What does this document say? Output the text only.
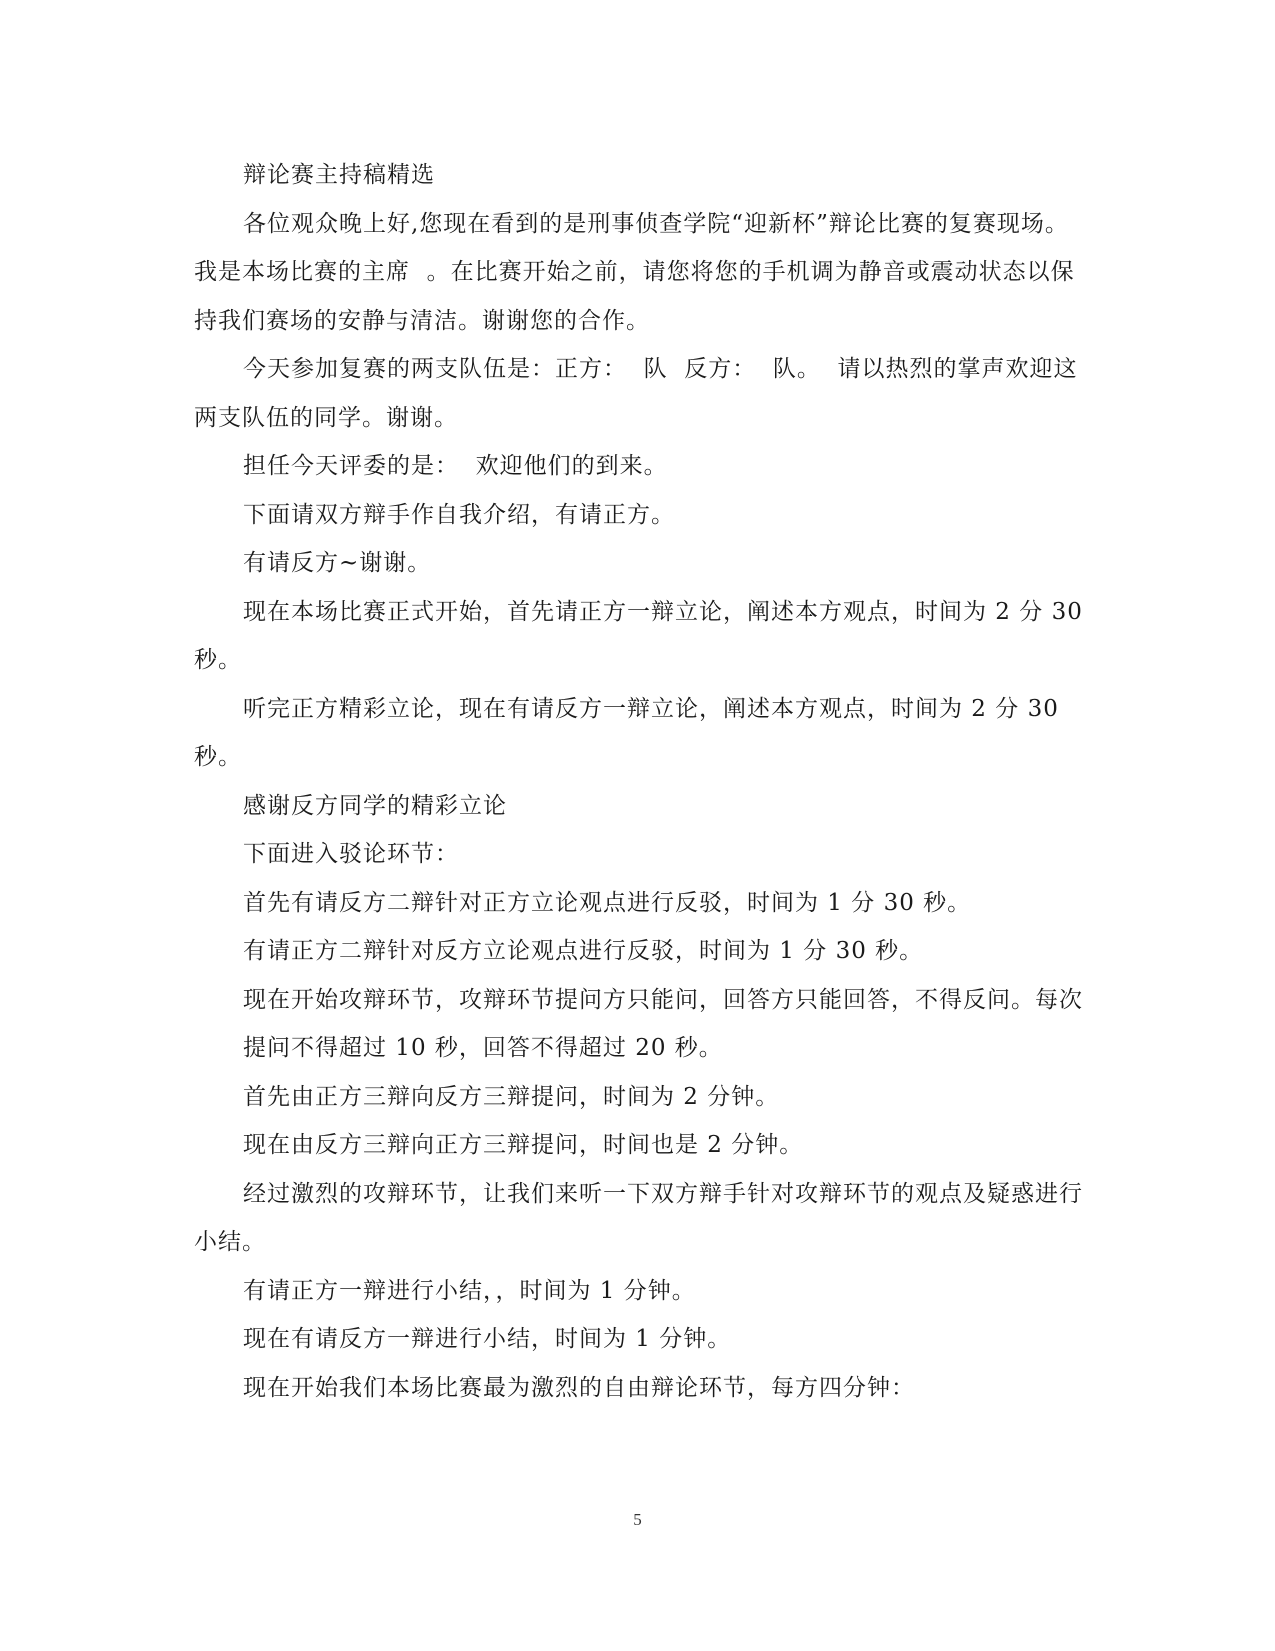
辩论赛主持稿精选

各位观众晚上好,您现在看到的是刑事侦查学院“迎新杯”辩论比赛的复赛现场。我是本场比赛的主席  。在比赛开始之前，请您将您的手机调为静音或震动状态以保持我们赛场的安静与清洁。谢谢您的合作。

今天参加复赛的两支队伍是：正方：  队  反方：  队。  请以热烈的掌声欢迎这两支队伍的同学。谢谢。

担任今天评委的是：  欢迎他们的到来。

下面请双方辩手作自我介绍，有请正方。

有请反方~谢谢。

现在本场比赛正式开始，首先请正方一辩立论，阐述本方观点，时间为 2 分 30 秒。

听完正方精彩立论，现在有请反方一辩立论，阐述本方观点，时间为 2 分 30 秒。

感谢反方同学的精彩立论

下面进入驳论环节：

首先有请反方二辩针对正方立论观点进行反驳，时间为 1 分 30 秒。

有请正方二辩针对反方立论观点进行反驳，时间为 1 分 30 秒。

现在开始攻辩环节，攻辩环节提问方只能问，回答方只能回答，不得反问。每次

提问不得超过 10 秒，回答不得超过 20 秒。

首先由正方三辩向反方三辩提问，时间为 2 分钟。

现在由反方三辩向正方三辩提问，时间也是 2 分钟。

经过激烈的攻辩环节，让我们来听一下双方辩手针对攻辩环节的观点及疑惑进行小结。

有请正方一辩进行小结，，时间为 1 分钟。

现在有请反方一辩进行小结，时间为 1 分钟。

现在开始我们本场比赛最为激烈的自由辩论环节，每方四分钟：

5
